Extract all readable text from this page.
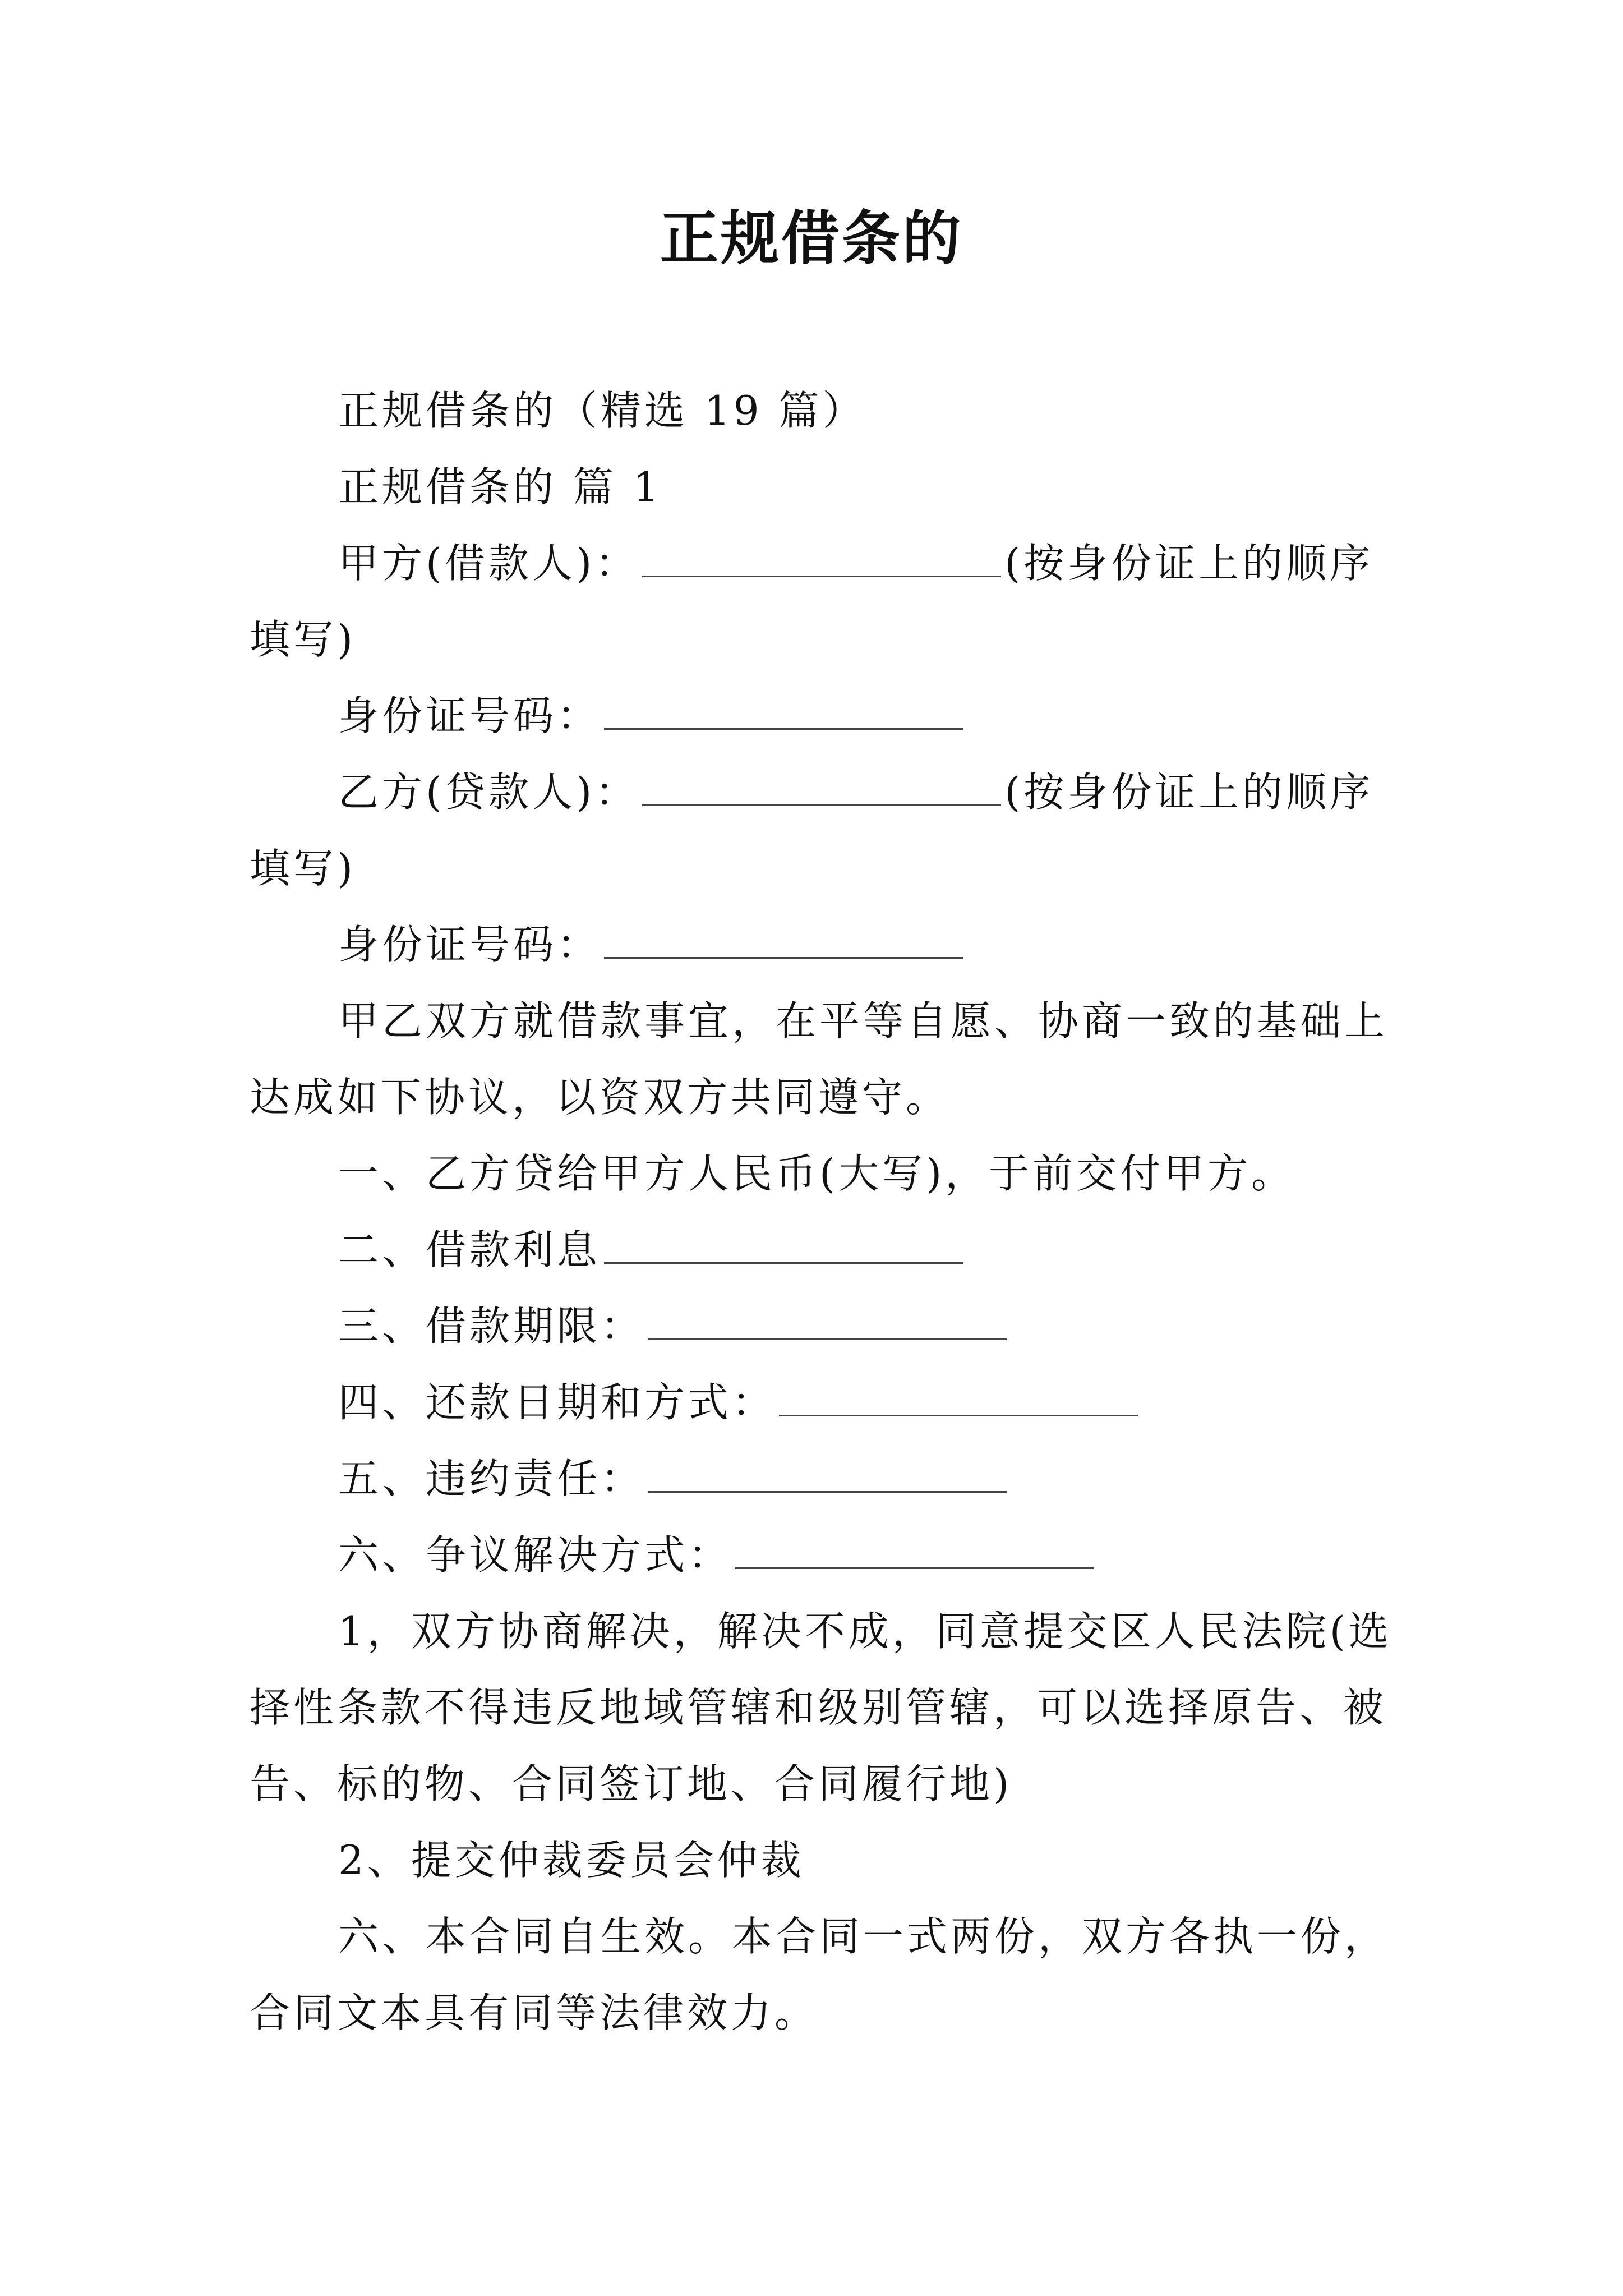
正规借条的

正规借条的（精选 19 篇）

正规借条的 篇 1

甲方(借款人)：	(按身份证上的顺序填写)

身份证号码：

乙方(贷款人)：	(按身份证上的顺序填写)

身份证号码：

甲乙双方就借款事宜，在平等自愿、协商一致的基础上达成如下协议，以资双方共同遵守。

一、乙方贷给甲方人民币(大写)，于前交付甲方。

二、借款利息

三、借款期限：

四、还款日期和方式：

五、违约责任：

六、争议解决方式：

1，双方协商解决，解决不成，同意提交区人民法院(选择性条款不得违反地域管辖和级别管辖，可以选择原告、被告、标的物、合同签订地、合同履行地)

2、提交仲裁委员会仲裁

六、本合同自生效。本合同一式两份，双方各执一份，合同文本具有同等法律效力。
